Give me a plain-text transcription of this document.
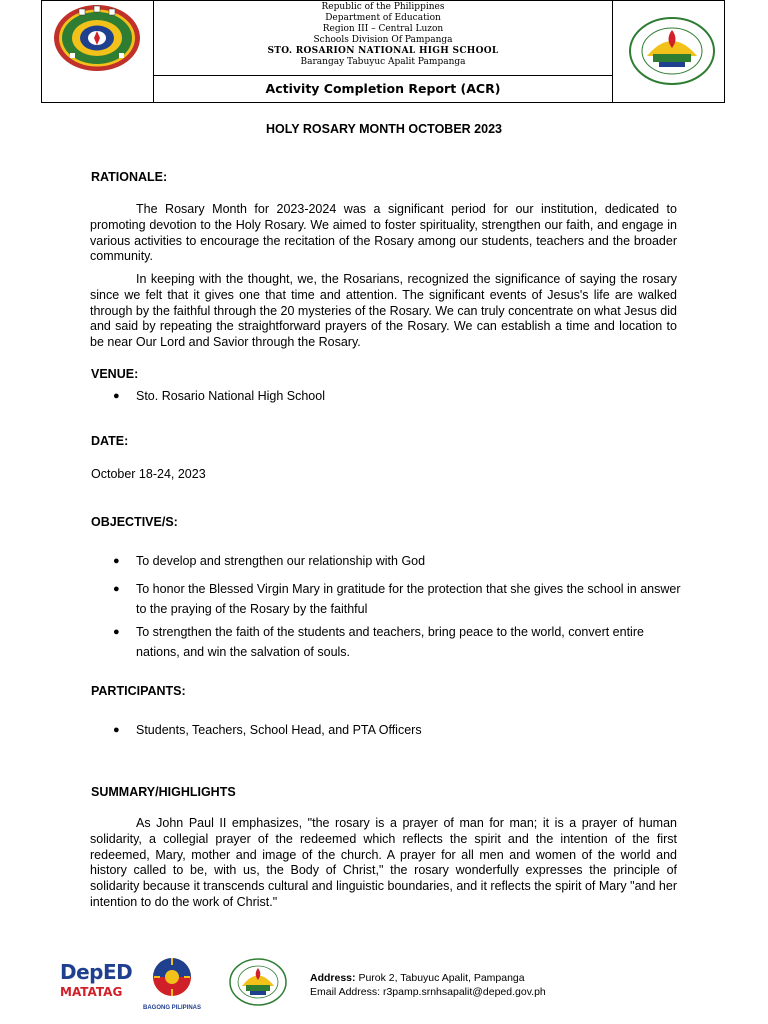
Republic of the Philippines
Department of Education
Region III – Central Luzon
Schools Division Of Pampanga
STO. ROSARION NATIONAL HIGH SCHOOL
Barangay Tabuyuc Apalit Pampanga
Activity Completion Report (ACR)
HOLY ROSARY MONTH OCTOBER 2023
RATIONALE:

The Rosary Month for 2023-2024 was a significant period for our institution, dedicated to promoting devotion to the Holy Rosary. We aimed to foster spirituality, strengthen our faith, and engage in various activities to encourage the recitation of the Rosary among our students, teachers and the broader community.

In keeping with the thought, we, the Rosarians, recognized the significance of saying the rosary since we felt that it gives one that time and attention. The significant events of Jesus's life are walked through by the faithful through the 20 mysteries of the Rosary. We can truly concentrate on what Jesus did and said by repeating the straightforward prayers of the Rosary. We can establish a time and location to be near Our Lord and Savior through the Rosary.

VENUE:
● Sto. Rosario National High School
DATE:
October 18-24, 2023
OBJECTIVE/S:
● To develop and strengthen our relationship with God
● To honor the Blessed Virgin Mary in gratitude for the protection that she gives the school in answer to the praying of the Rosary by the faithful
● To strengthen the faith of the students and teachers, bring peace to the world, convert entire nations, and win the salvation of souls.
PARTICIPANTS:
● Students, Teachers, School Head, and PTA Officers
SUMMARY/HIGHLIGHTS

As John Paul II emphasizes, "the rosary is a prayer of man for man; it is a prayer of human solidarity, a collegial prayer of the redeemed which reflects the spirit and the intention of the first redeemed, Mary, mother and image of the church. A prayer for all men and women of the world and history called to be, with us, the Body of Christ," the rosary wonderfully expresses the principle of solidarity because it transcends cultural and linguistic boundaries, and it reflects the spirit of Mary "and her intention to do the work of Christ."

DepED
MATATAG
BAGONG PILIPINAS
Address: Purok 2, Tabuyuc Apalit, Pampanga
Email Address: r3pamp.srnhsapalit@deped.gov.ph
